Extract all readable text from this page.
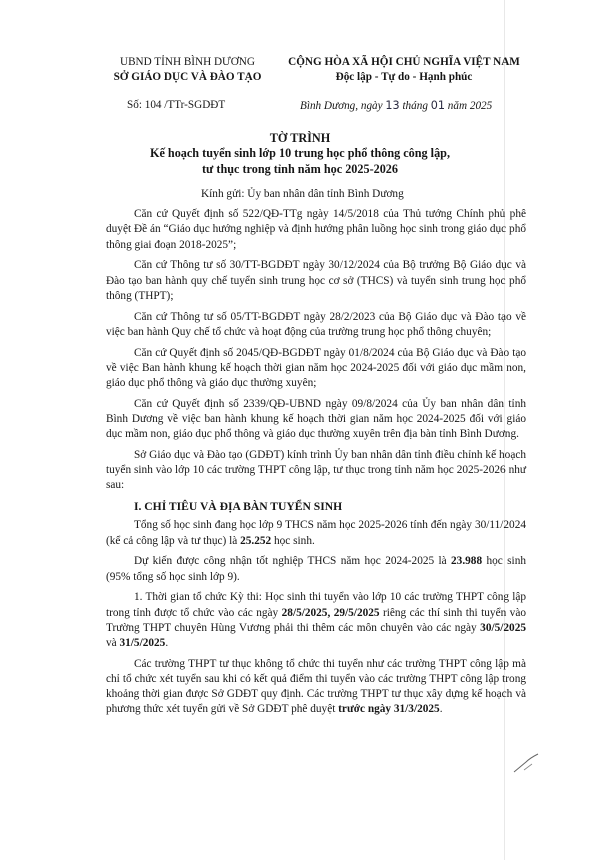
UBND TỈNH BÌNH DƯƠNG
SỞ GIÁO DỤC VÀ ĐÀO TẠO
CỘNG HÒA XÃ HỘI CHỦ NGHĨA VIỆT NAM
Độc lập - Tự do - Hạnh phúc
Số: 104 /TTr-SGDĐT	Bình Dương, ngày 13 tháng 01 năm 2025
TỜ TRÌNH
Kế hoạch tuyển sinh lớp 10 trung học phổ thông công lập,
tư thục trong tỉnh năm học 2025-2026

Kính gửi: Ủy ban nhân dân tỉnh Bình Dương

Căn cứ Quyết định số 522/QĐ-TTg ngày 14/5/2018 của Thủ tướng Chính phủ phê duyệt Đề án “Giáo dục hướng nghiệp và định hướng phân luồng học sinh trong giáo dục phổ thông giai đoạn 2018-2025”;

Căn cứ Thông tư số 30/TT-BGDĐT ngày 30/12/2024 của Bộ trưởng Bộ Giáo dục và Đào tạo ban hành quy chế tuyển sinh trung học cơ sở (THCS) và tuyển sinh trung học phổ thông (THPT);

Căn cứ Thông tư số 05/TT-BGDĐT ngày 28/2/2023 của Bộ Giáo dục và Đào tạo về việc ban hành Quy chế tổ chức và hoạt động của trường trung học phổ thông chuyên;

Căn cứ Quyết định số 2045/QĐ-BGDĐT ngày 01/8/2024 của Bộ Giáo dục và Đào tạo về việc Ban hành khung kế hoạch thời gian năm học 2024-2025 đối với giáo dục mầm non, giáo dục phổ thông và giáo dục thường xuyên;

Căn cứ Quyết định số 2339/QĐ-UBND ngày 09/8/2024 của Ủy ban nhân dân tỉnh Bình Dương về việc ban hành khung kế hoạch thời gian năm học 2024-2025 đối với giáo dục mầm non, giáo dục phổ thông và giáo dục thường xuyên trên địa bàn tỉnh Bình Dương.

Sở Giáo dục và Đào tạo (GDĐT) kính trình Ủy ban nhân dân tỉnh điều chỉnh kế hoạch tuyển sinh vào lớp 10 các trường THPT công lập, tư thục trong tỉnh năm học 2025-2026 như sau:

I. CHỈ TIÊU VÀ ĐỊA BÀN TUYỂN SINH

Tổng số học sinh đang học lớp 9 THCS năm học 2025-2026 tính đến ngày 30/11/2024 (kể cả công lập và tư thục) là 25.252 học sinh.

Dự kiến được công nhận tốt nghiệp THCS năm học 2024-2025 là 23.988 học sinh (95% tổng số học sinh lớp 9).

1. Thời gian tổ chức Kỳ thi: Học sinh thi tuyển vào lớp 10 các trường THPT công lập trong tỉnh được tổ chức vào các ngày 28/5/2025, 29/5/2025 riêng các thí sinh thi tuyển vào Trường THPT chuyên Hùng Vương phải thi thêm các môn chuyên vào các ngày 30/5/2025 và 31/5/2025.

Các trường THPT tư thục không tổ chức thi tuyển như các trường THPT công lập mà chỉ tổ chức xét tuyển sau khi có kết quả điểm thi tuyển vào các trường THPT công lập trong khoảng thời gian được Sở GDĐT quy định. Các trường THPT tư thục xây dựng kế hoạch và phương thức xét tuyển gửi về Sở GDĐT phê duyệt trước ngày 31/3/2025.
